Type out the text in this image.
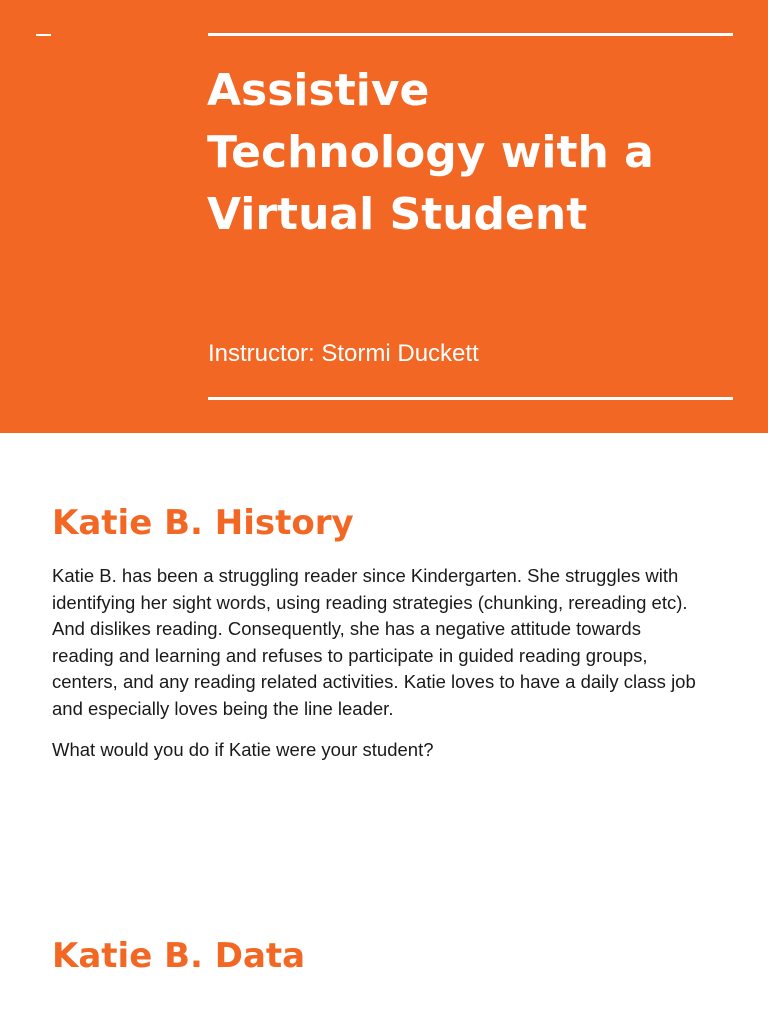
Assistive
Technology with a
Virtual Student
Instructor: Stormi Duckett
Katie B. History

Katie B. has been a struggling reader since Kindergarten. She struggles with
identifying her sight words, using reading strategies (chunking, rereading etc).
And dislikes reading. Consequently, she has a negative attitude towards
reading and learning and refuses to participate in guided reading groups,
centers, and any reading related activities. Katie loves to have a daily class job
and especially loves being the line leader.

What would you do if Katie were your student?

Katie B. Data
